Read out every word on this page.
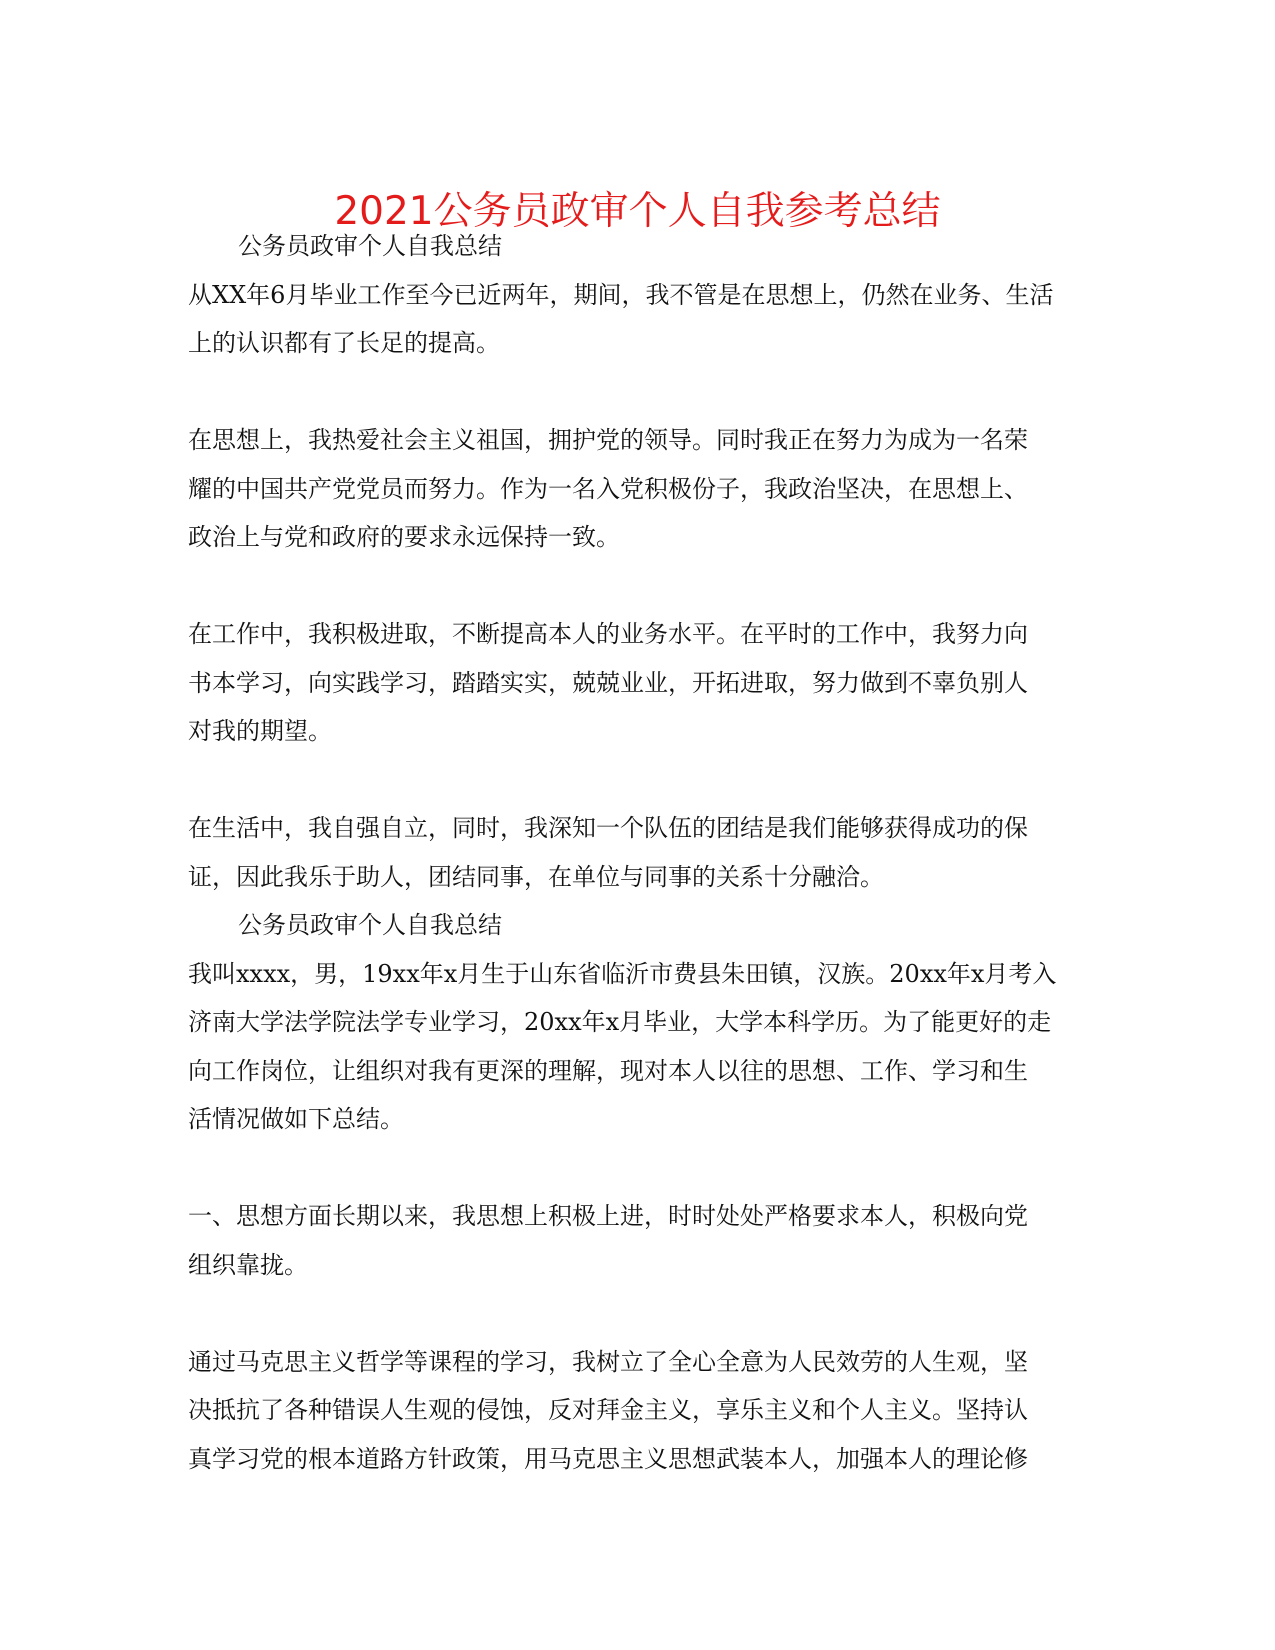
2021公务员政审个人自我参考总结
公务员政审个人自我总结
从XX年6月毕业工作至今已近两年，期间，我不管是在思想上，仍然在业务、生活
上的认识都有了长足的提高。
在思想上，我热爱社会主义祖国，拥护党的领导。同时我正在努力为成为一名荣
耀的中国共产党党员而努力。作为一名入党积极份子，我政治坚决，在思想上、
政治上与党和政府的要求永远保持一致。
在工作中，我积极进取，不断提高本人的业务水平。在平时的工作中，我努力向
书本学习，向实践学习，踏踏实实，兢兢业业，开拓进取，努力做到不辜负别人
对我的期望。
在生活中，我自强自立，同时，我深知一个队伍的团结是我们能够获得成功的保
证，因此我乐于助人，团结同事，在单位与同事的关系十分融洽。
公务员政审个人自我总结
我叫xxxx，男，19xx年x月生于山东省临沂市费县朱田镇，汉族。20xx年x月考入
济南大学法学院法学专业学习，20xx年x月毕业，大学本科学历。为了能更好的走
向工作岗位，让组织对我有更深的理解，现对本人以往的思想、工作、学习和生
活情况做如下总结。
一、思想方面长期以来，我思想上积极上进，时时处处严格要求本人，积极向党
组织靠拢。
通过马克思主义哲学等课程的学习，我树立了全心全意为人民效劳的人生观，坚
决抵抗了各种错误人生观的侵蚀，反对拜金主义，享乐主义和个人主义。坚持认
真学习党的根本道路方针政策，用马克思主义思想武装本人，加强本人的理论修
